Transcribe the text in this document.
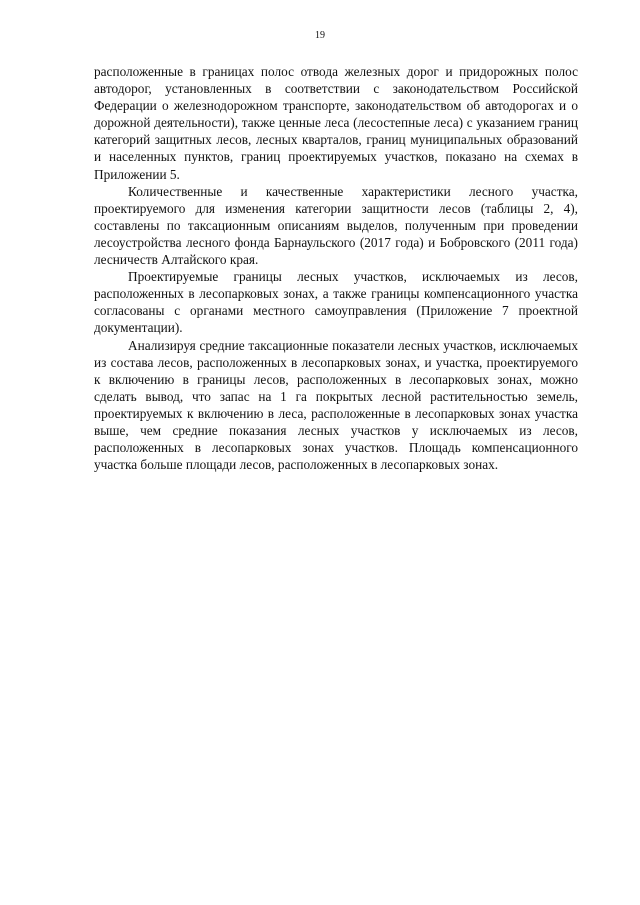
19

расположенные в границах полос отвода железных дорог и придорожных полос автодорог, установленных в соответствии с законодательством Российской Федерации о железнодорожном транспорте, законодательством об автодорогах и о дорожной деятельности), также ценные леса (лесостепные леса) с указанием границ категорий защитных лесов, лесных кварталов, границ муниципальных образований и населенных пунктов, границ проектируемых участков, показано на схемах в Приложении 5.

Количественные и качественные характеристики лесного участка, проектируемого для изменения категории защитности лесов (таблицы 2, 4), составлены по таксационным описаниям выделов, полученным при проведении лесоустройства лесного фонда Барнаульского (2017 года) и Бобровского (2011 года) лесничеств Алтайского края.

Проектируемые границы лесных участков, исключаемых из лесов, расположенных в лесопарковых зонах, а также границы компенсационного участка согласованы с органами местного самоуправления (Приложение 7 проектной документации).

Анализируя средние таксационные показатели лесных участков, исключаемых из состава лесов, расположенных в лесопарковых зонах, и участка, проектируемого к включению в границы лесов, расположенных в лесопарковых зонах, можно сделать вывод, что запас на 1 га покрытых лесной растительностью земель, проектируемых к включению в леса, расположенные в лесопарковых зонах участка выше, чем средние показания лесных участков у исключаемых из лесов, расположенных в лесопарковых зонах участков. Площадь компенсационного участка больше площади лесов, расположенных в лесопарковых зонах.
